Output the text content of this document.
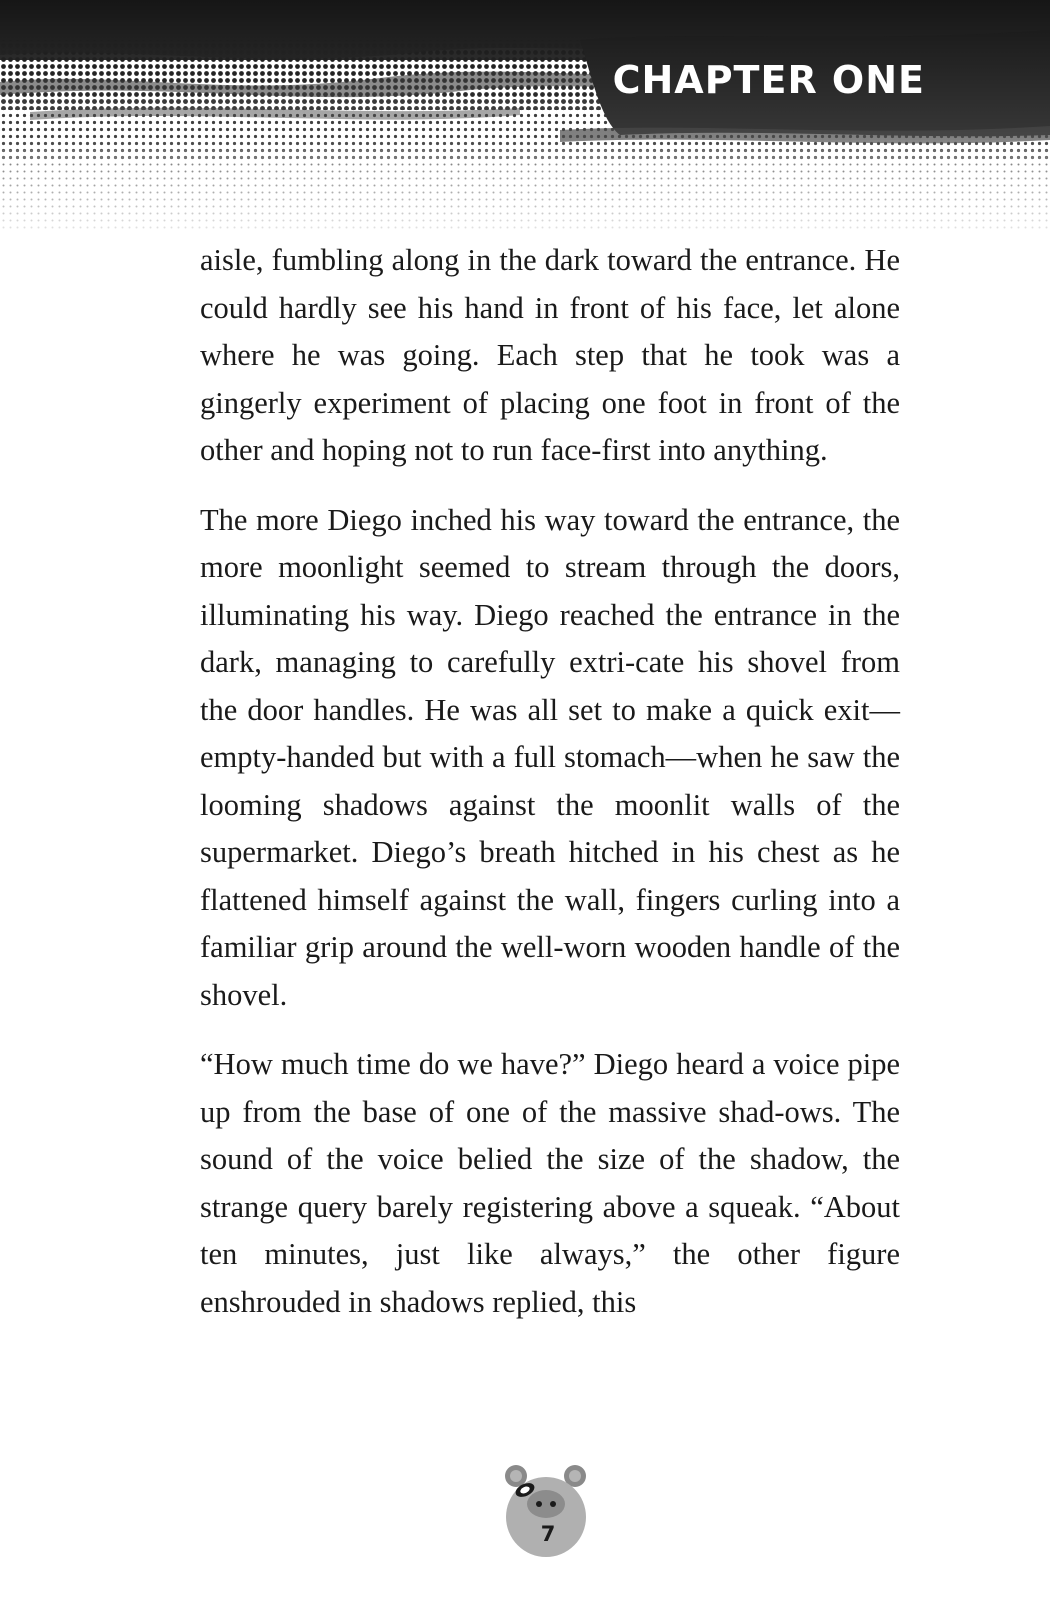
CHAPTER ONE

aisle, fumbling along in the dark toward the entrance. He could hardly see his hand in front of his face, let alone where he was going. Each step that he took was a gingerly experiment of placing one foot in front of the other and hoping not to run face-first into anything.

The more Diego inched his way toward the entrance, the more moonlight seemed to stream through the doors, illuminating his way. Diego reached the entrance in the dark, managing to carefully extri-cate his shovel from the door handles. He was all set to make a quick exit—empty-handed but with a full stomach—when he saw the looming shadows against the moonlit walls of the supermarket. Diego’s breath hitched in his chest as he flattened himself against the wall, fingers curling into a familiar grip around the well-worn wooden handle of the shovel.

“How much time do we have?” Diego heard a voice pipe up from the base of one of the massive shad-ows. The sound of the voice belied the size of the shadow, the strange query barely registering above a squeak. “About ten minutes, just like always,” the other figure enshrouded in shadows replied, this

7
